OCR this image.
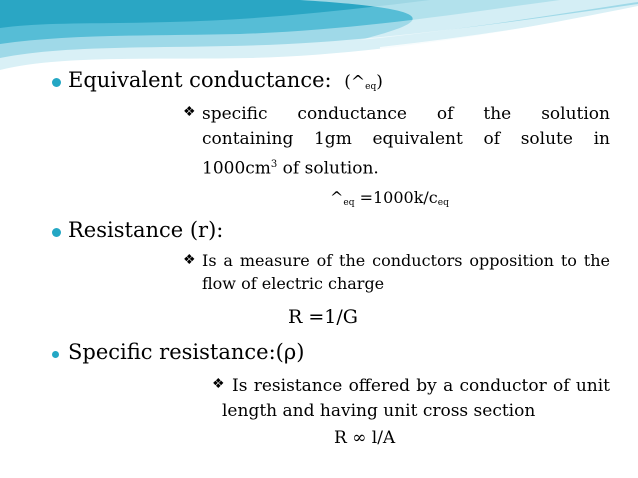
Equivalent conductance: $(\^{}_{eq})$
❖ specific conductance of the solution
containing 1gm equivalent of solute in
$1000cm^3$ of solution.
$\^{}_{eq} =1000k/c_{eq}$
Resistance (r):
❖ Is a measure of the conductors opposition to the
flow of electric charge
R =1/G
Specific resistance:(ρ)
❖ Is resistance offered by a conductor of unit
length and having unit cross section
R ∞ l/A
